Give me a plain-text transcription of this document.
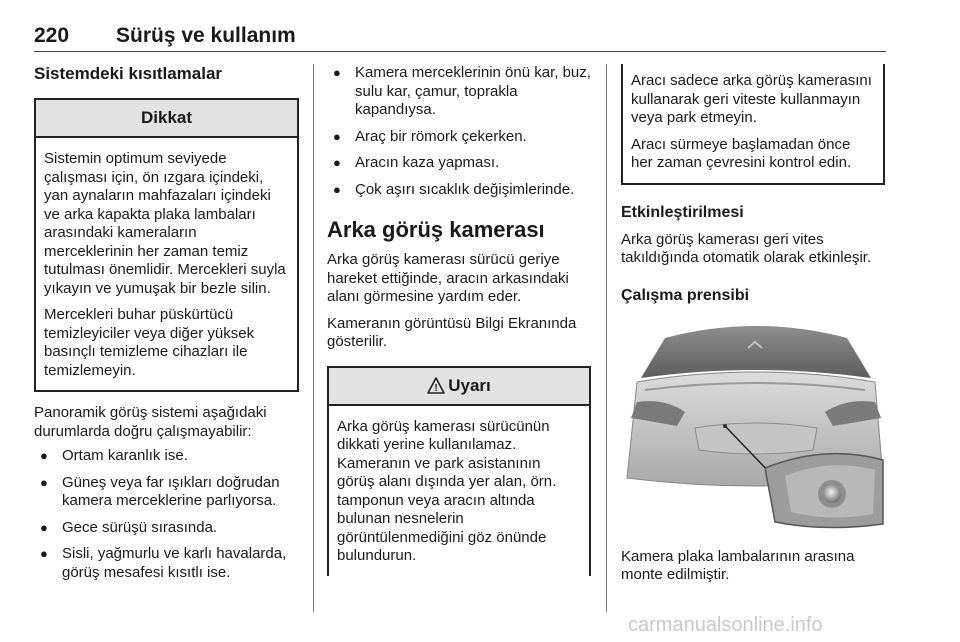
220 Sürüş ve kullanım
Sistemdeki kısıtlamalar
Dikkat

Sistemin optimum seviyede çalışması için, ön ızgara içindeki, yan aynaların mahfazaları içindeki ve arka kapakta plaka lambaları arasındaki kameraların merceklerinin her zaman temiz tutulması önemlidir. Mercekleri suyla yıkayın ve yumuşak bir bezle silin.

Mercekleri buhar püskürtücü temizleyiciler veya diğer yüksek basınçlı temizleme cihazları ile temizlemeyin.

Panoramik görüş sistemi aşağıdaki durumlarda doğru çalışmayabilir:

● Ortam karanlık ise.
● Güneş veya far ışıkları doğrudan kamera merceklerine parlıyorsa.
● Gece sürüşü sırasında.
● Sisli, yağmurlu ve karlı havalarda, görüş mesafesi kısıtlı ise.
● Kamera merceklerinin önü kar, buz, sulu kar, çamur, toprakla kapandıysa.
● Araç bir römork çekerken.
● Aracın kaza yapması.
● Çok aşırı sıcaklık değişimlerinde.
Arka görüş kamerası

Arka görüş kamerası sürücü geriye hareket ettiğinde, aracın arkasındaki alanı görmesine yardım eder.

Kameranın görüntüsü Bilgi Ekranında gösterilir.

! Uyarı

Arka görüş kamerası sürücünün dikkati yerine kullanılamaz. Kameranın ve park asistanının görüş alanı dışında yer alan, örn. tamponun veya aracın altında bulunan nesnelerin görüntülenmediğini göz önünde bulundurun.

Aracı sadece arka görüş kamerasını kullanarak geri viteste kullanmayın veya park etmeyin.

Aracı sürmeye başlamadan önce her zaman çevresini kontrol edin.

Etkinleştirilmesi

Arka görüş kamerası geri vites takıldığında otomatik olarak etkinleşir.

Çalışma prensibi

Kamera plaka lambalarının arasına monte edilmiştir.

carmanualsonline.info
